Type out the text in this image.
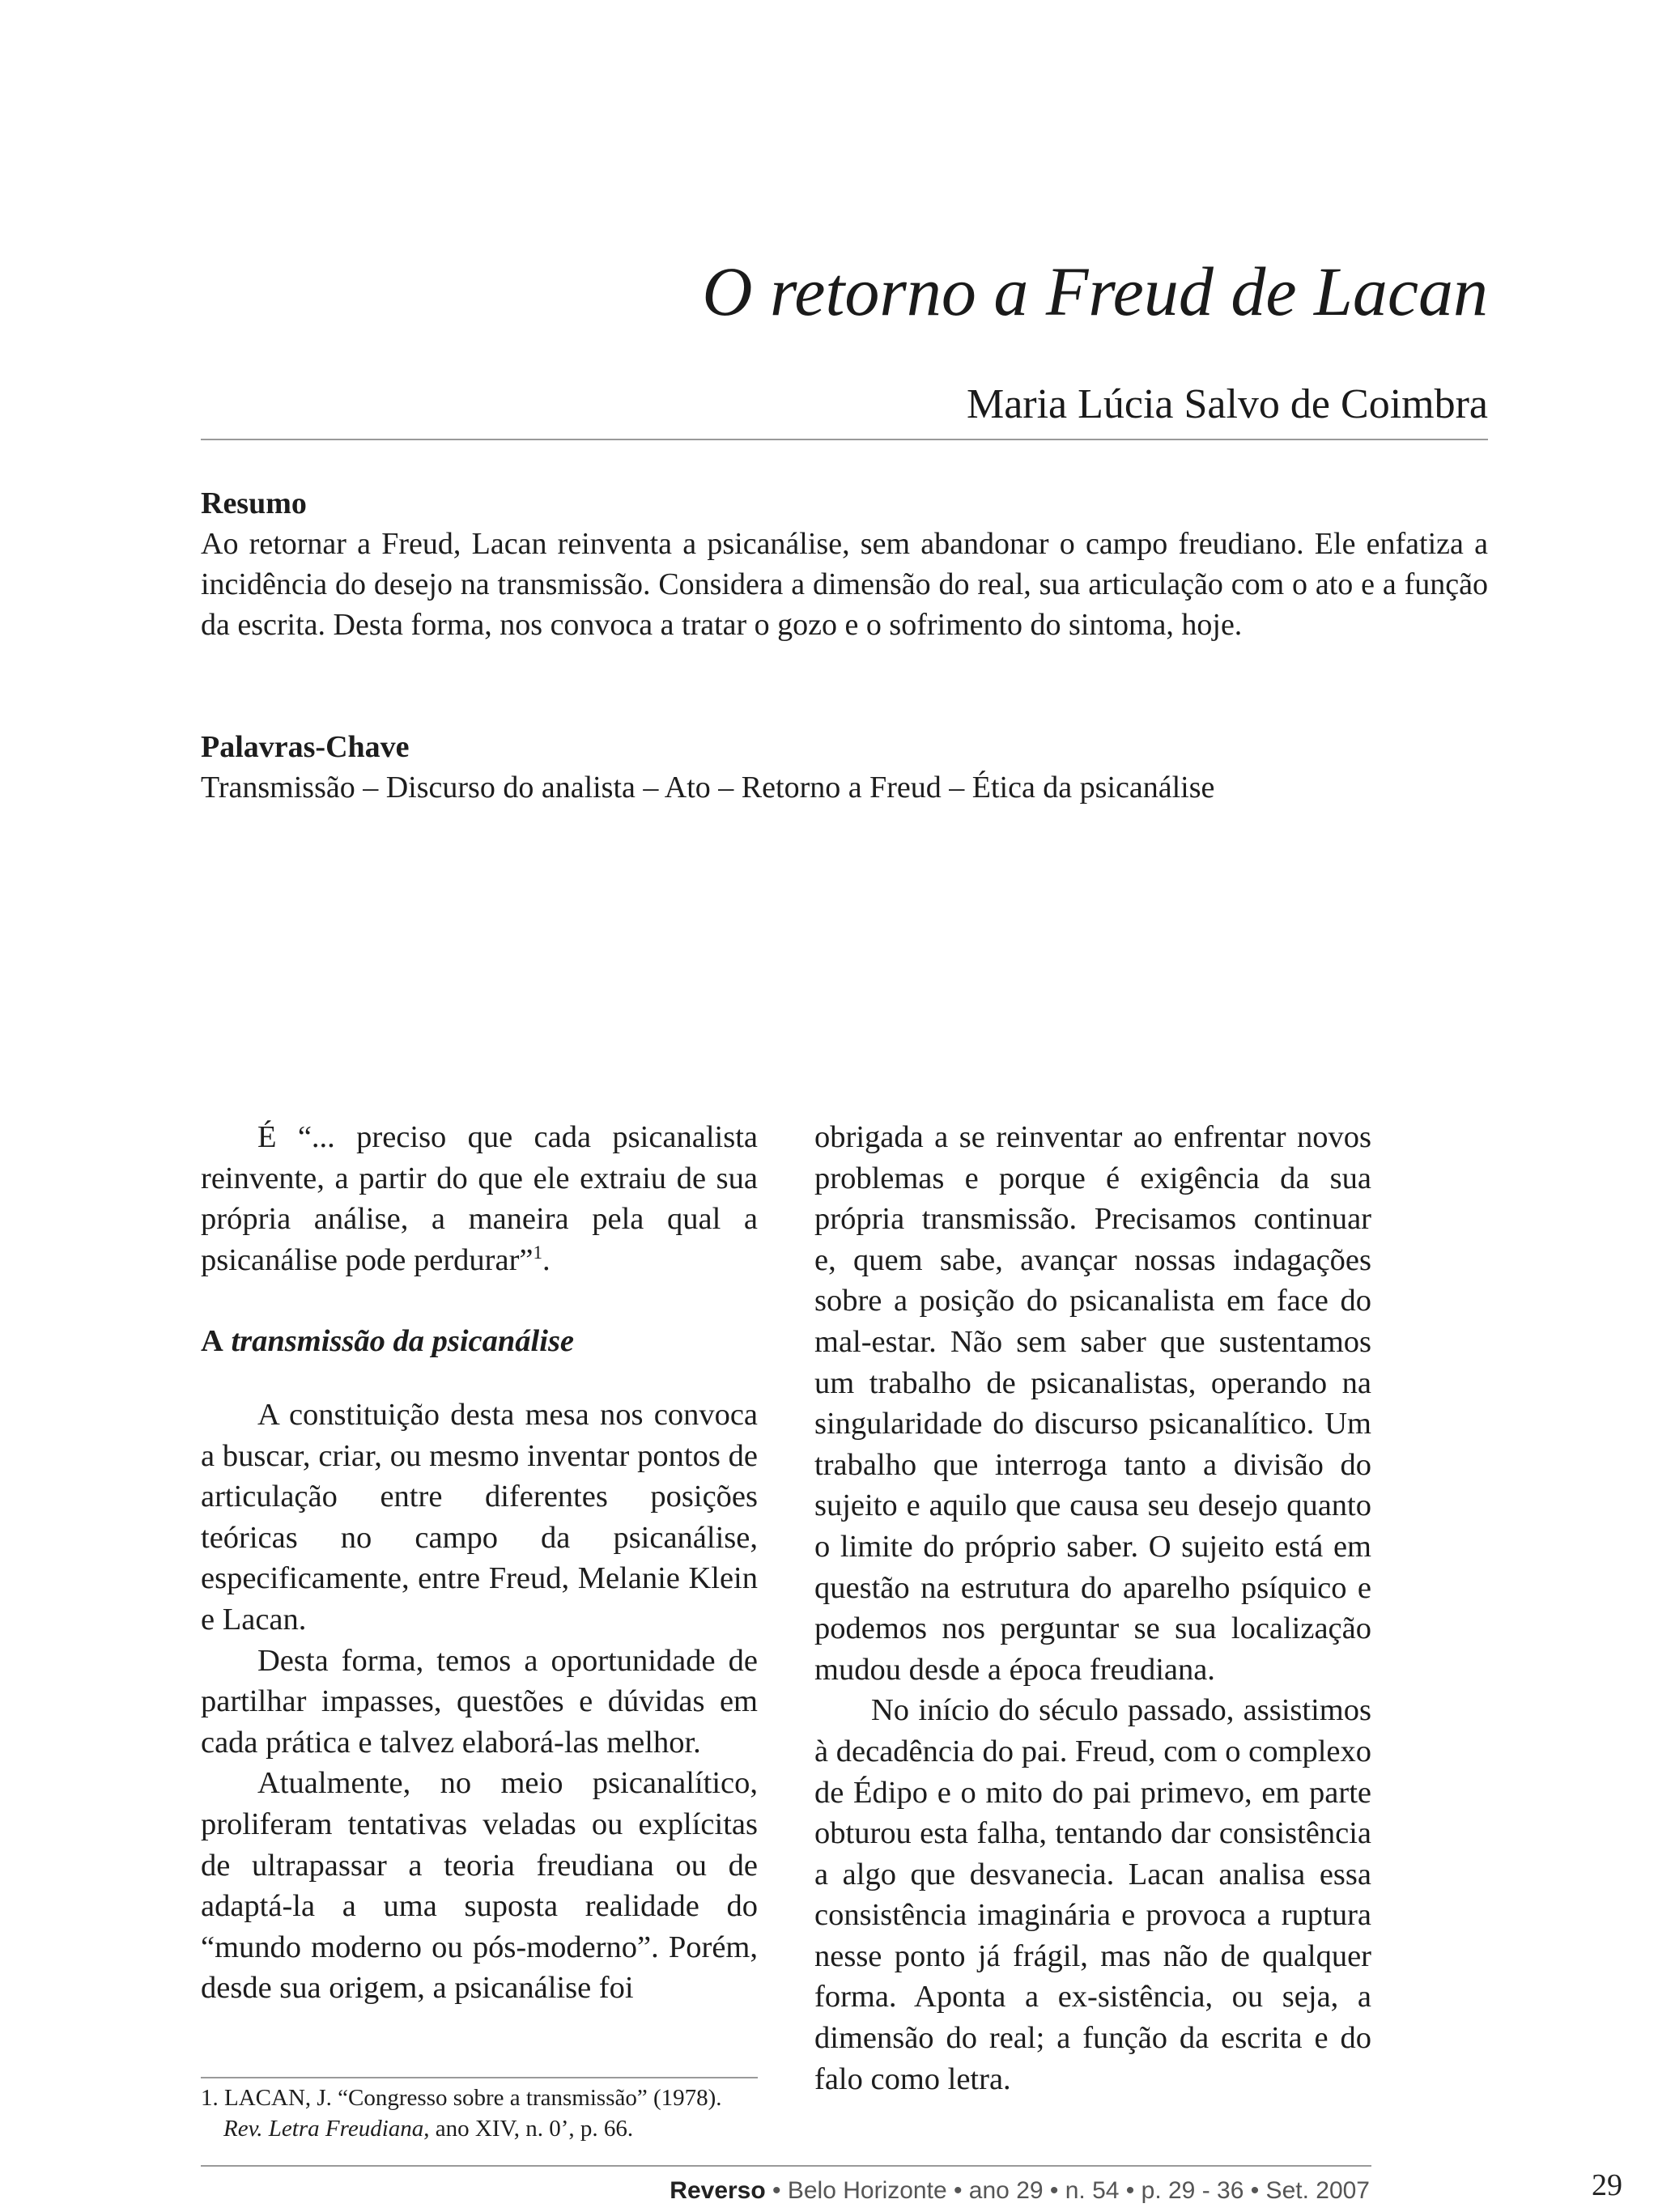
O retorno a Freud de Lacan
Maria Lúcia Salvo de Coimbra
Resumo
Ao retornar a Freud, Lacan reinventa a psicanálise, sem abandonar o campo freudiano. Ele enfatiza a incidência do desejo na transmissão. Considera a dimensão do real, sua articulação com o ato e a função da escrita. Desta forma, nos convoca a tratar o gozo e o sofrimento do sintoma, hoje.
Palavras-Chave
Transmissão – Discurso do analista – Ato – Retorno a Freud – Ética da psicanálise

É “... preciso que cada psicanalista reinvente, a partir do que ele extraiu de sua própria análise, a maneira pela qual a psicanálise pode perdurar”$^1$.

A transmissão da psicanálise

A constituição desta mesa nos convoca a buscar, criar, ou mesmo inventar pontos de articulação entre diferentes posições teóricas no campo da psicanálise, especificamente, entre Freud, Melanie Klein e Lacan.

Desta forma, temos a oportunidade de partilhar impasses, questões e dúvidas em cada prática e talvez elaborá-las melhor.

Atualmente, no meio psicanalítico, proliferam tentativas veladas ou explícitas de ultrapassar a teoria freudiana ou de adaptá-la a uma suposta realidade do “mundo moderno ou pós-moderno”. Porém, desde sua origem, a psicanálise foi

obrigada a se reinventar ao enfrentar novos problemas e porque é exigência da sua própria transmissão. Precisamos continuar e, quem sabe, avançar nossas indagações sobre a posição do psicanalista em face do mal-estar. Não sem saber que sustentamos um trabalho de psicanalistas, operando na singularidade do discurso psicanalítico. Um trabalho que interroga tanto a divisão do sujeito e aquilo que causa seu desejo quanto o limite do próprio saber. O sujeito está em questão na estrutura do aparelho psíquico e podemos nos perguntar se sua localização mudou desde a época freudiana.

No início do século passado, assistimos à decadência do pai. Freud, com o complexo de Édipo e o mito do pai primevo, em parte obturou esta falha, tentando dar consistência a algo que desvanecia. Lacan analisa essa consistência imaginária e provoca a ruptura nesse ponto já frágil, mas não de qualquer forma. Aponta a ex-sistência, ou seja, a dimensão do real; a função da escrita e do falo como letra.

1. LACAN, J. “Congresso sobre a transmissão” (1978).
Rev. Letra Freudiana, ano XIV, n. 0’, p. 66.
Reverso • Belo Horizonte • ano 29 • n. 54 • p. 29 - 36 • Set. 2007	29
